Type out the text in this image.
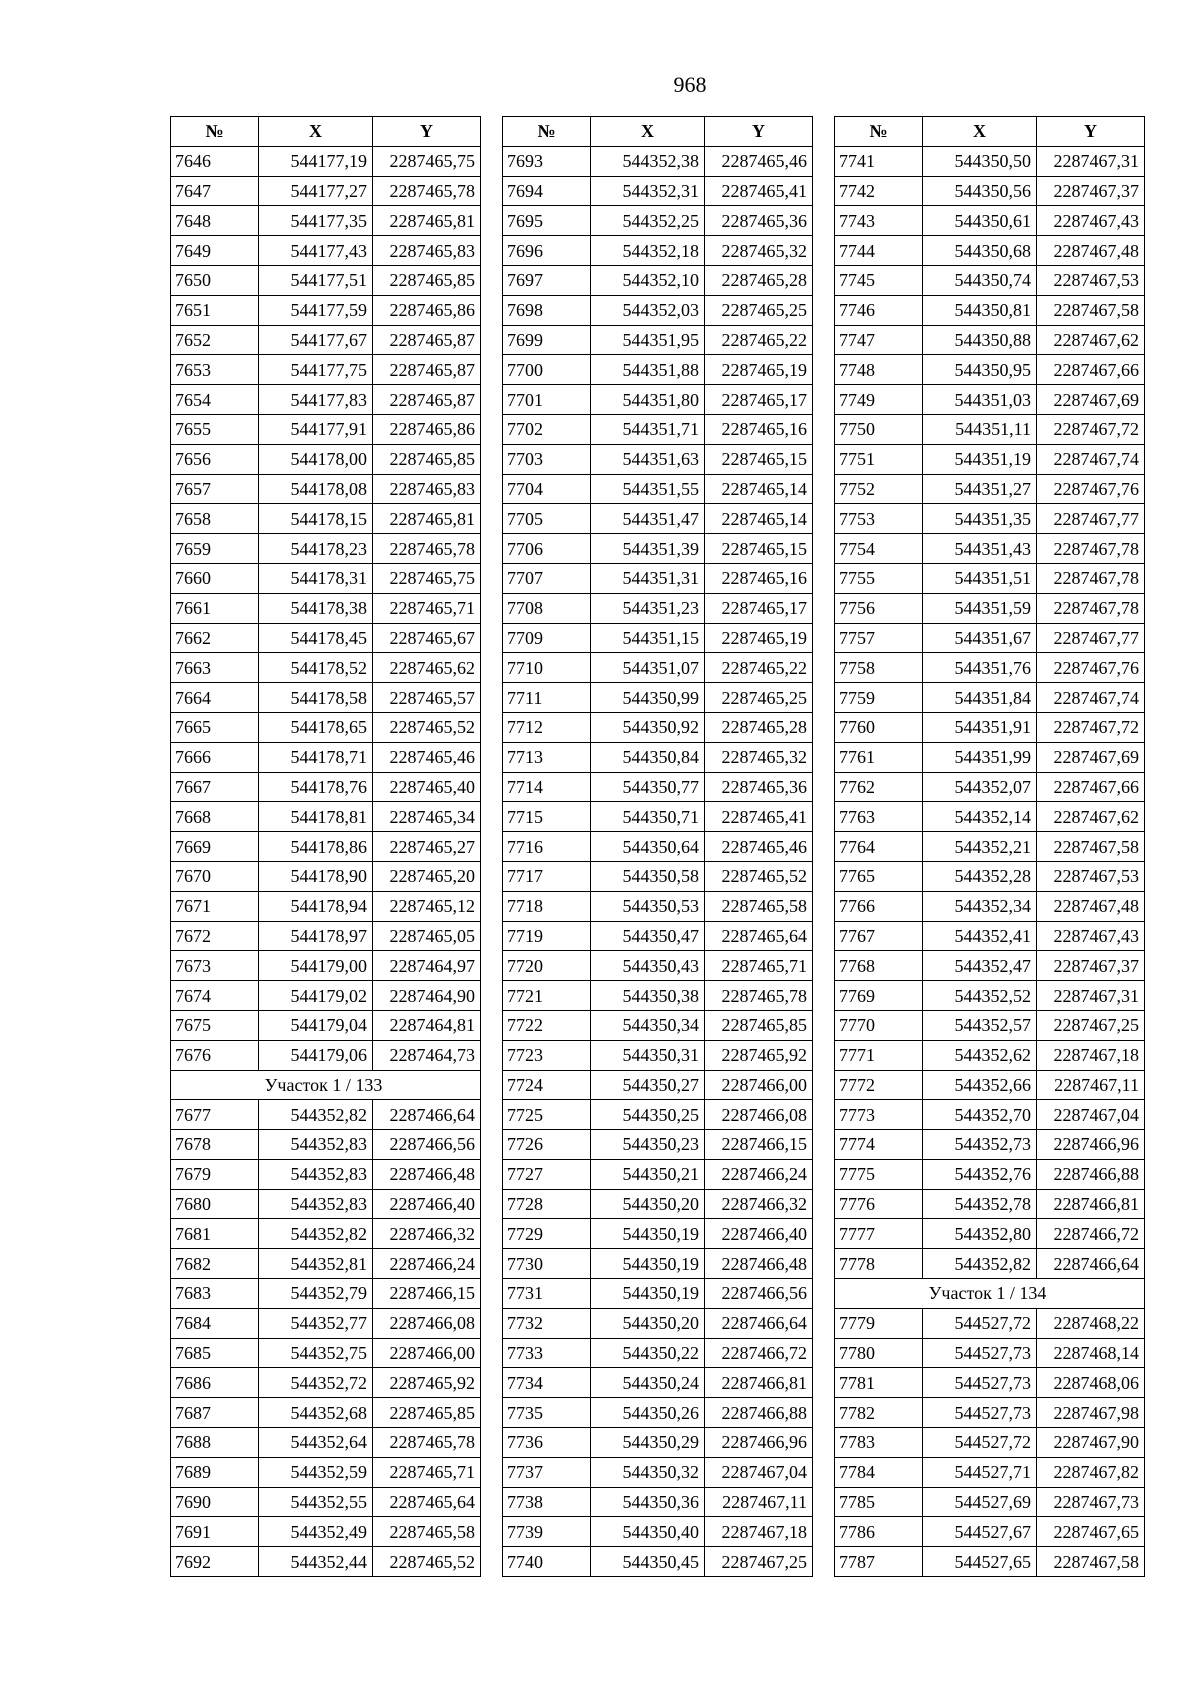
968
№	X	Y
7646	544177,19	2287465,75
7647	544177,27	2287465,78
7648	544177,35	2287465,81
7649	544177,43	2287465,83
7650	544177,51	2287465,85
7651	544177,59	2287465,86
7652	544177,67	2287465,87
7653	544177,75	2287465,87
7654	544177,83	2287465,87
7655	544177,91	2287465,86
7656	544178,00	2287465,85
7657	544178,08	2287465,83
7658	544178,15	2287465,81
7659	544178,23	2287465,78
7660	544178,31	2287465,75
7661	544178,38	2287465,71
7662	544178,45	2287465,67
7663	544178,52	2287465,62
7664	544178,58	2287465,57
7665	544178,65	2287465,52
7666	544178,71	2287465,46
7667	544178,76	2287465,40
7668	544178,81	2287465,34
7669	544178,86	2287465,27
7670	544178,90	2287465,20
7671	544178,94	2287465,12
7672	544178,97	2287465,05
7673	544179,00	2287464,97
7674	544179,02	2287464,90
7675	544179,04	2287464,81
7676	544179,06	2287464,73
Участок 1 / 133		
7677	544352,82	2287466,64
7678	544352,83	2287466,56
7679	544352,83	2287466,48
7680	544352,83	2287466,40
7681	544352,82	2287466,32
7682	544352,81	2287466,24
7683	544352,79	2287466,15
7684	544352,77	2287466,08
7685	544352,75	2287466,00
7686	544352,72	2287465,92
7687	544352,68	2287465,85
7688	544352,64	2287465,78
7689	544352,59	2287465,71
7690	544352,55	2287465,64
7691	544352,49	2287465,58
7692	544352,44	2287465,52
№	X	Y
7693	544352,38	2287465,46
7694	544352,31	2287465,41
7695	544352,25	2287465,36
7696	544352,18	2287465,32
7697	544352,10	2287465,28
7698	544352,03	2287465,25
7699	544351,95	2287465,22
7700	544351,88	2287465,19
7701	544351,80	2287465,17
7702	544351,71	2287465,16
7703	544351,63	2287465,15
7704	544351,55	2287465,14
7705	544351,47	2287465,14
7706	544351,39	2287465,15
7707	544351,31	2287465,16
7708	544351,23	2287465,17
7709	544351,15	2287465,19
7710	544351,07	2287465,22
7711	544350,99	2287465,25
7712	544350,92	2287465,28
7713	544350,84	2287465,32
7714	544350,77	2287465,36
7715	544350,71	2287465,41
7716	544350,64	2287465,46
7717	544350,58	2287465,52
7718	544350,53	2287465,58
7719	544350,47	2287465,64
7720	544350,43	2287465,71
7721	544350,38	2287465,78
7722	544350,34	2287465,85
7723	544350,31	2287465,92
7724	544350,27	2287466,00
7725	544350,25	2287466,08
7726	544350,23	2287466,15
7727	544350,21	2287466,24
7728	544350,20	2287466,32
7729	544350,19	2287466,40
7730	544350,19	2287466,48
7731	544350,19	2287466,56
7732	544350,20	2287466,64
7733	544350,22	2287466,72
7734	544350,24	2287466,81
7735	544350,26	2287466,88
7736	544350,29	2287466,96
7737	544350,32	2287467,04
7738	544350,36	2287467,11
7739	544350,40	2287467,18
7740	544350,45	2287467,25
№	X	Y
7741	544350,50	2287467,31
7742	544350,56	2287467,37
7743	544350,61	2287467,43
7744	544350,68	2287467,48
7745	544350,74	2287467,53
7746	544350,81	2287467,58
7747	544350,88	2287467,62
7748	544350,95	2287467,66
7749	544351,03	2287467,69
7750	544351,11	2287467,72
7751	544351,19	2287467,74
7752	544351,27	2287467,76
7753	544351,35	2287467,77
7754	544351,43	2287467,78
7755	544351,51	2287467,78
7756	544351,59	2287467,78
7757	544351,67	2287467,77
7758	544351,76	2287467,76
7759	544351,84	2287467,74
7760	544351,91	2287467,72
7761	544351,99	2287467,69
7762	544352,07	2287467,66
7763	544352,14	2287467,62
7764	544352,21	2287467,58
7765	544352,28	2287467,53
7766	544352,34	2287467,48
7767	544352,41	2287467,43
7768	544352,47	2287467,37
7769	544352,52	2287467,31
7770	544352,57	2287467,25
7771	544352,62	2287467,18
7772	544352,66	2287467,11
7773	544352,70	2287467,04
7774	544352,73	2287466,96
7775	544352,76	2287466,88
7776	544352,78	2287466,81
7777	544352,80	2287466,72
7778	544352,82	2287466,64
Участок 1 / 134		
7779	544527,72	2287468,22
7780	544527,73	2287468,14
7781	544527,73	2287468,06
7782	544527,73	2287467,98
7783	544527,72	2287467,90
7784	544527,71	2287467,82
7785	544527,69	2287467,73
7786	544527,67	2287467,65
7787	544527,65	2287467,58
